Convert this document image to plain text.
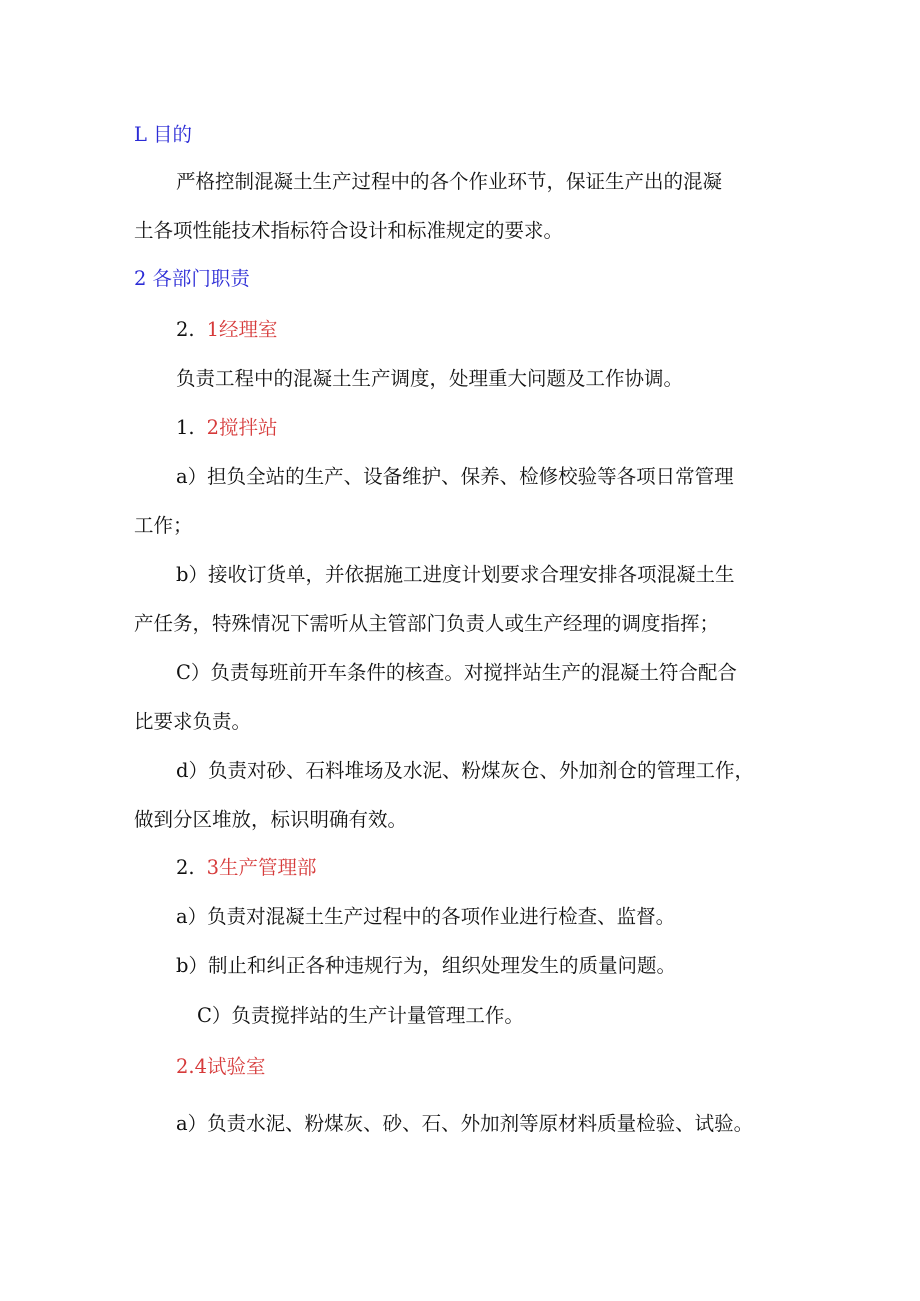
L 目的
严格控制混凝土生产过程中的各个作业环节，保证生产出的混凝
土各项性能技术指标符合设计和标准规定的要求。
2 各部门职责
2. 1经理室
负责工程中的混凝土生产调度，处理重大问题及工作协调。
1. 2搅拌站
a）担负全站的生产、设备维护、保养、检修校验等各项日常管理
工作；
b）接收订货单，并依据施工进度计划要求合理安排各项混凝土生
产任务，特殊情况下需听从主管部门负责人或生产经理的调度指挥；
C）负责每班前开车条件的核查。对搅拌站生产的混凝土符合配合
比要求负责。
d）负责对砂、石料堆场及水泥、粉煤灰仓、外加剂仓的管理工作，
做到分区堆放，标识明确有效。
2. 3生产管理部
a）负责对混凝土生产过程中的各项作业进行检查、监督。
b）制止和纠正各种违规行为，组织处理发生的质量问题。
C）负责搅拌站的生产计量管理工作。
2.4试验室
a）负责水泥、粉煤灰、砂、石、外加剂等原材料质量检验、试验。
